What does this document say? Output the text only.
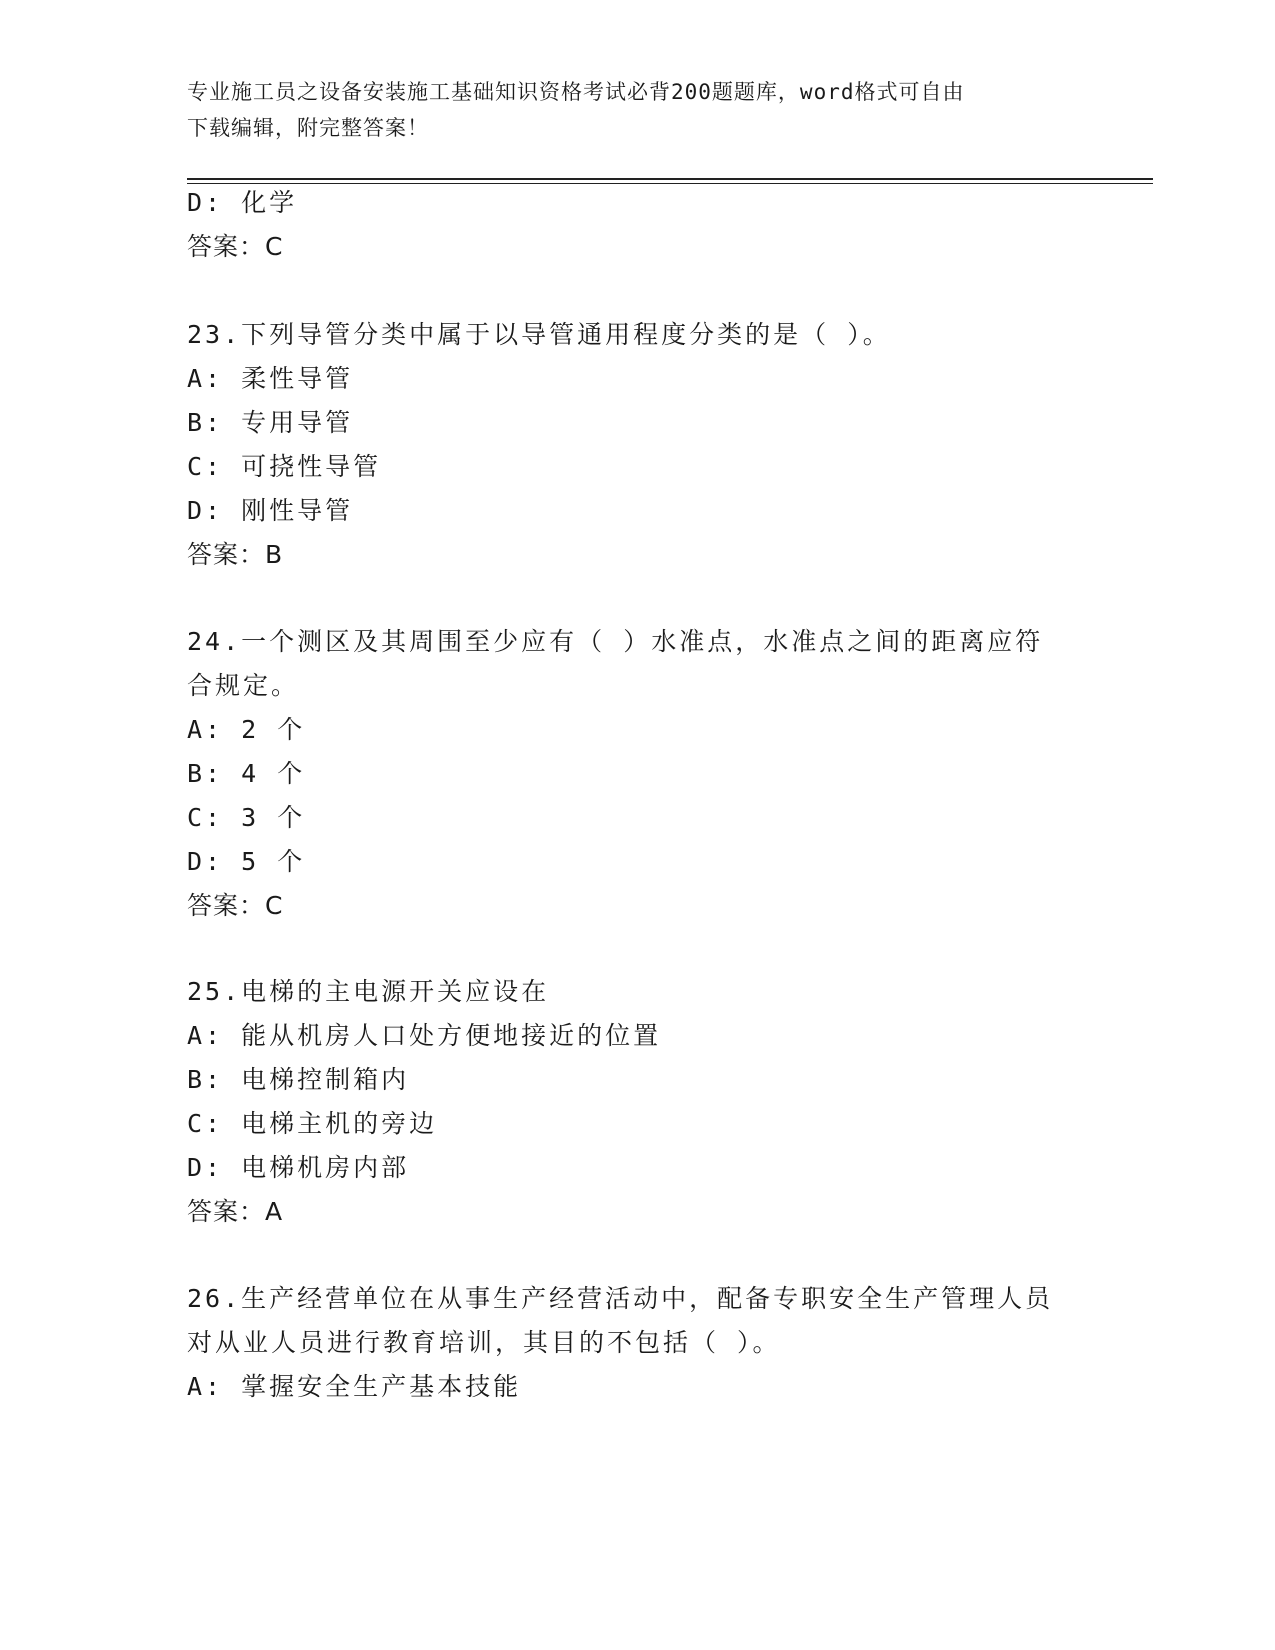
专业施工员之设备安装施工基础知识资格考试必背200题题库，word格式可自由
下载编辑，附完整答案！
D: 化学
答案：C
23.下列导管分类中属于以导管通用程度分类的是（ ）。
A: 柔性导管
B: 专用导管
C: 可挠性导管
D: 刚性导管
答案：B
24.一个测区及其周围至少应有（ ）水准点，水准点之间的距离应符
合规定。
A: 2 个
B: 4 个
C: 3 个
D: 5 个
答案：C
25.电梯的主电源开关应设在
A: 能从机房人口处方便地接近的位置
B: 电梯控制箱内
C: 电梯主机的旁边
D: 电梯机房内部
答案：A
26.生产经营单位在从事生产经营活动中，配备专职安全生产管理人员
对从业人员进行教育培训，其目的不包括（ ）。
A: 掌握安全生产基本技能
